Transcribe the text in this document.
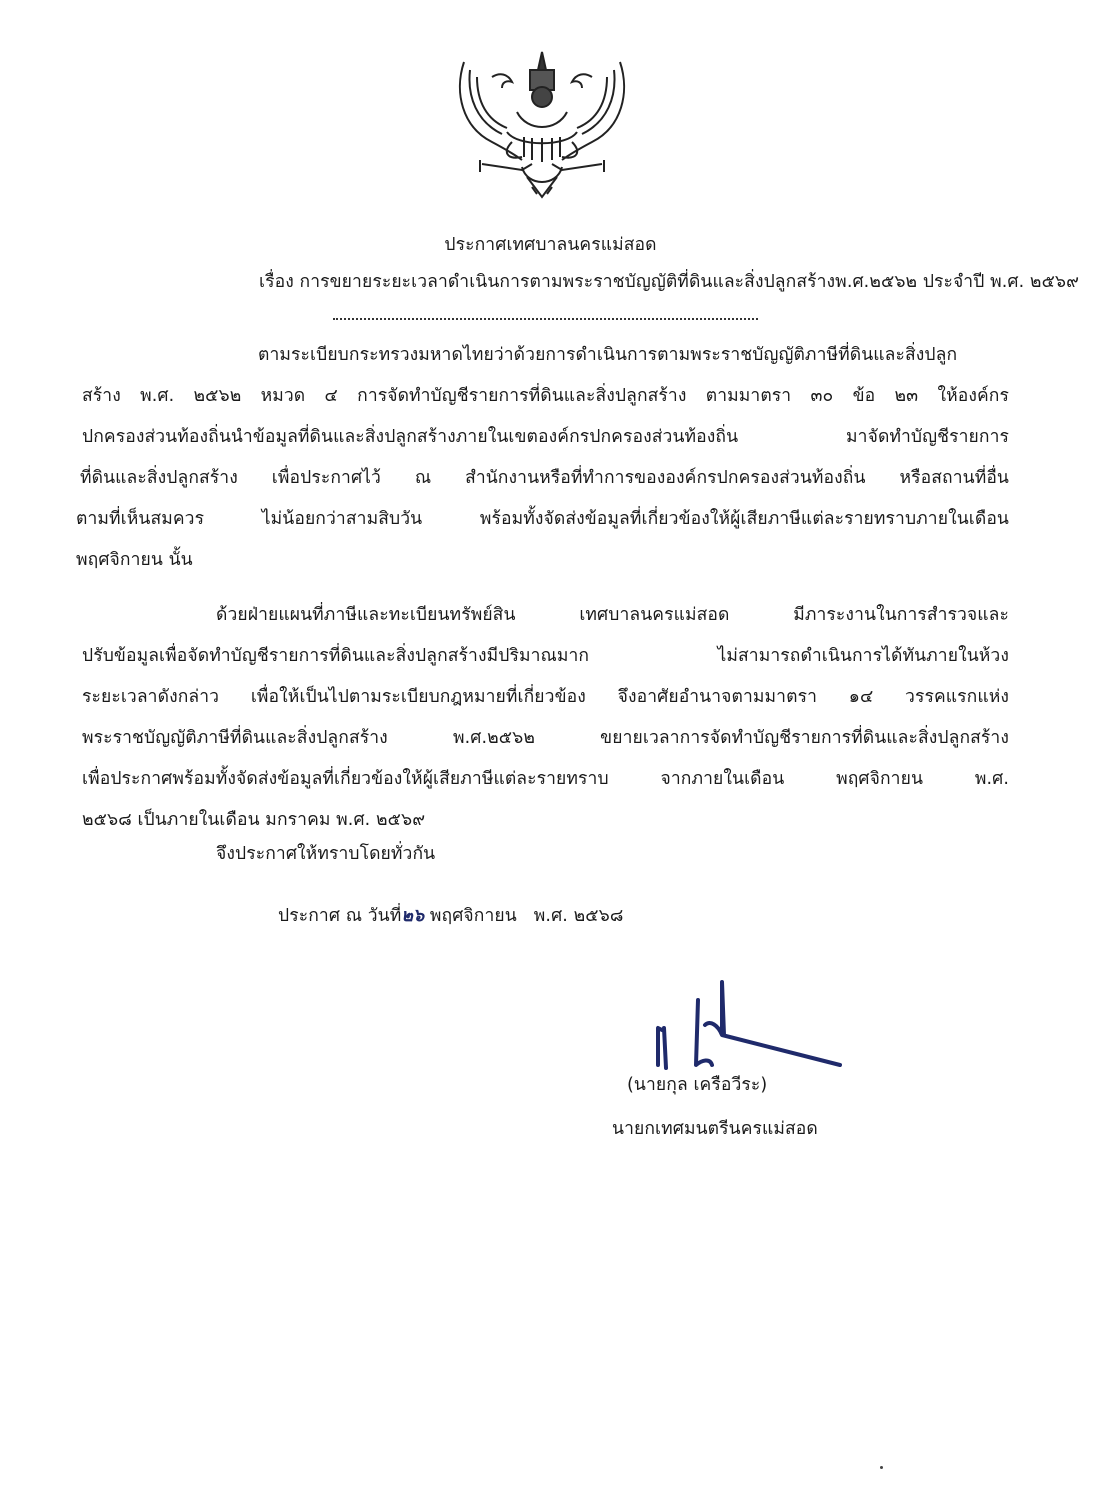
ประกาศเทศบาลนครแม่สอด
เรื่อง การขยายระยะเวลาดำเนินการตามพระราชบัญญัติที่ดินและสิ่งปลูกสร้างพ.ศ.๒๕๖๒ ประจำปี พ.ศ. ๒๕๖๙
ตามระเบียบกระทรวงมหาดไทยว่าด้วยการดำเนินการตามพระราชบัญญัติภาษีที่ดินและสิ่งปลูก
สร้าง พ.ศ. ๒๕๖๒ หมวด ๔ การจัดทำบัญชีรายการที่ดินและสิ่งปลูกสร้าง ตามมาตรา ๓๐ ข้อ ๒๓ ให้องค์กร
ปกครองส่วนท้องถิ่นนำข้อมูลที่ดินและสิ่งปลูกสร้างภายในเขตองค์กรปกครองส่วนท้องถิ่น มาจัดทำบัญชีรายการ
ที่ดินและสิ่งปลูกสร้าง เพื่อประกาศไว้ ณ สำนักงานหรือที่ทำการขององค์กรปกครองส่วนท้องถิ่น หรือสถานที่อื่น
ตามที่เห็นสมควร ไม่น้อยกว่าสามสิบวัน พร้อมทั้งจัดส่งข้อมูลที่เกี่ยวข้องให้ผู้เสียภาษีแต่ละรายทราบภายในเดือน
พฤศจิกายน นั้น
ด้วยฝ่ายแผนที่ภาษีและทะเบียนทรัพย์สิน เทศบาลนครแม่สอด มีภาระงานในการสำรวจและ
ปรับข้อมูลเพื่อจัดทำบัญชีรายการที่ดินและสิ่งปลูกสร้างมีปริมาณมาก ไม่สามารถดำเนินการได้ทันภายในห้วง
ระยะเวลาดังกล่าว เพื่อให้เป็นไปตามระเบียบกฎหมายที่เกี่ยวข้อง จึงอาศัยอำนาจตามมาตรา ๑๔ วรรคแรกแห่ง
พระราชบัญญัติภาษีที่ดินและสิ่งปลูกสร้าง พ.ศ.๒๕๖๒ ขยายเวลาการจัดทำบัญชีรายการที่ดินและสิ่งปลูกสร้าง
เพื่อประกาศพร้อมทั้งจัดส่งข้อมูลที่เกี่ยวข้องให้ผู้เสียภาษีแต่ละรายทราบ จากภายในเดือน พฤศจิกายน พ.ศ.
๒๕๖๘ เป็นภายในเดือน มกราคม พ.ศ. ๒๕๖๙
จึงประกาศให้ทราบโดยทั่วกัน
ประกาศ ณ วันที่๒๖ พฤศจิกายน พ.ศ. ๒๕๖๘
(นายกุล เครือวีระ)
นายกเทศมนตรีนครแม่สอด
